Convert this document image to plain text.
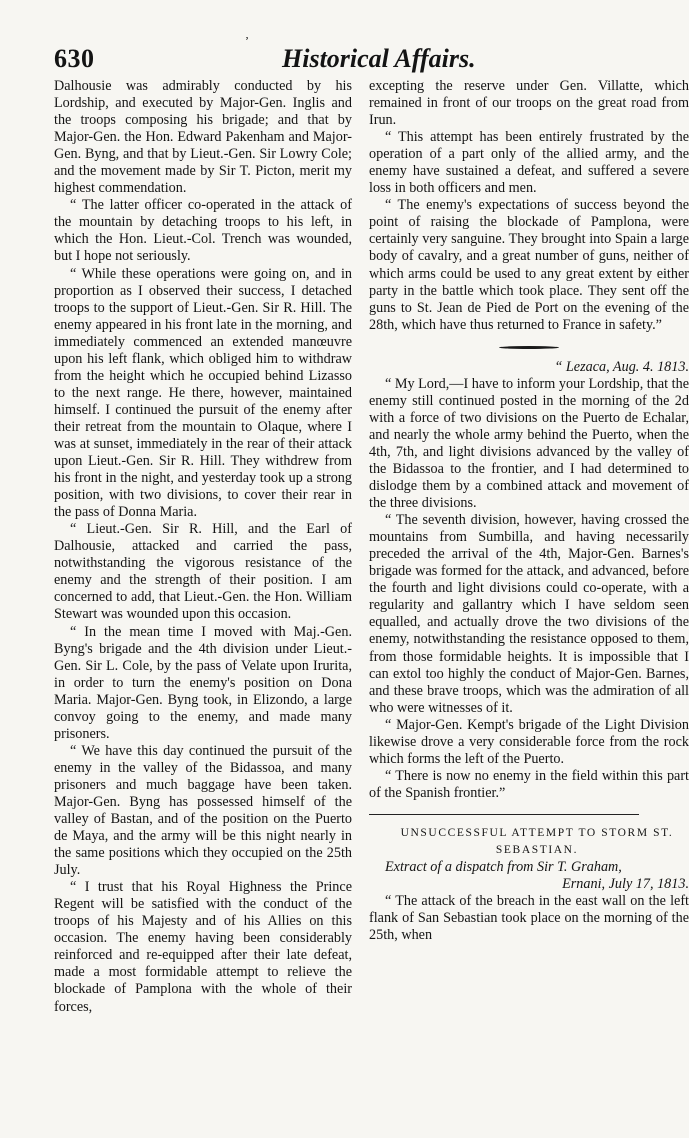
ʼ
630	Historical Affairs.

Dalhousie was admirably conducted by his Lordship, and executed by Major-Gen. Inglis and the troops composing his brigade; and that by Major-Gen. the Hon. Edward Pakenham and Major-Gen. Byng, and that by Lieut.-Gen. Sir Lowry Cole; and the movement made by Sir T. Picton, merit my highest commendation.

“ The latter officer co-operated in the attack of the mountain by detaching troops to his left, in which the Hon. Lieut.-Col. Trench was wounded, but I hope not seriously.

“ While these operations were going on, and in proportion as I observed their success, I detached troops to the support of Lieut.-Gen. Sir R. Hill. The enemy appeared in his front late in the morning, and immediately commenced an extended manœuvre upon his left flank, which obliged him to withdraw from the height which he occupied behind Lizasso to the next range. He there, however, maintained himself. I continued the pursuit of the enemy after their retreat from the mountain to Olaque, where I was at sunset, immediately in the rear of their attack upon Lieut.-Gen. Sir R. Hill. They withdrew from his front in the night, and yesterday took up a strong position, with two divisions, to cover their rear in the pass of Donna Maria.

“ Lieut.-Gen. Sir R. Hill, and the Earl of Dalhousie, attacked and carried the pass, notwithstanding the vigorous resistance of the enemy and the strength of their position. I am concerned to add, that Lieut.-Gen. the Hon. William Stewart was wounded upon this occasion.

“ In the mean time I moved with Maj.-Gen. Byng's brigade and the 4th division under Lieut.-Gen. Sir L. Cole, by the pass of Velate upon Irurita, in order to turn the enemy's position on Dona Maria. Major-Gen. Byng took, in Elizondo, a large convoy going to the enemy, and made many prisoners.

“ We have this day continued the pursuit of the enemy in the valley of the Bidassoa, and many prisoners and much baggage have been taken. Major-Gen. Byng has possessed himself of the valley of Bastan, and of the position on the Puerto de Maya, and the army will be this night nearly in the same positions which they occupied on the 25th July.

“ I trust that his Royal Highness the Prince Regent will be satisfied with the conduct of the troops of his Majesty and of his Allies on this occasion. The enemy having been considerably reinforced and re-equipped after their late defeat, made a most formidable attempt to relieve the blockade of Pamplona with the whole of their forces,

excepting the reserve under Gen. Villatte, which remained in front of our troops on the great road from Irun.

“ This attempt has been entirely frustrated by the operation of a part only of the allied army, and the enemy have sustained a defeat, and suffered a severe loss in both officers and men.

“ The enemy's expectations of success beyond the point of raising the blockade of Pamplona, were certainly very sanguine. They brought into Spain a large body of cavalry, and a great number of guns, neither of which arms could be used to any great extent by either party in the battle which took place. They sent off the guns to St. Jean de Pied de Port on the evening of the 28th, which have thus returned to France in safety.”

“ Lezaca, Aug. 4. 1813.

“ My Lord,—I have to inform your Lordship, that the enemy still continued posted in the morning of the 2d with a force of two divisions on the Puerto de Echalar, and nearly the whole army behind the Puerto, when the 4th, 7th, and light divisions advanced by the valley of the Bidassoa to the frontier, and I had determined to dislodge them by a combined attack and movement of the three divisions.

“ The seventh division, however, having crossed the mountains from Sumbilla, and having necessarily preceded the arrival of the 4th, Major-Gen. Barnes's brigade was formed for the attack, and advanced, before the fourth and light divisions could co-operate, with a regularity and gallantry which I have seldom seen equalled, and actually drove the two divisions of the enemy, notwithstanding the resistance opposed to them, from those formidable heights. It is impossible that I can extol too highly the conduct of Major-Gen. Barnes, and these brave troops, which was the admiration of all who were witnesses of it.

“ Major-Gen. Kempt's brigade of the Light Division likewise drove a very considerable force from the rock which forms the left of the Puerto.

“ There is now no enemy in the field within this part of the Spanish frontier.”

UNSUCCESSFUL ATTEMPT TO STORM ST.

SEBASTIAN.

Extract of a dispatch from Sir T. Graham,

Ernani, July 17, 1813.

“ The attack of the breach in the east wall on the left flank of San Sebastian took place on the morning of the 25th, when
